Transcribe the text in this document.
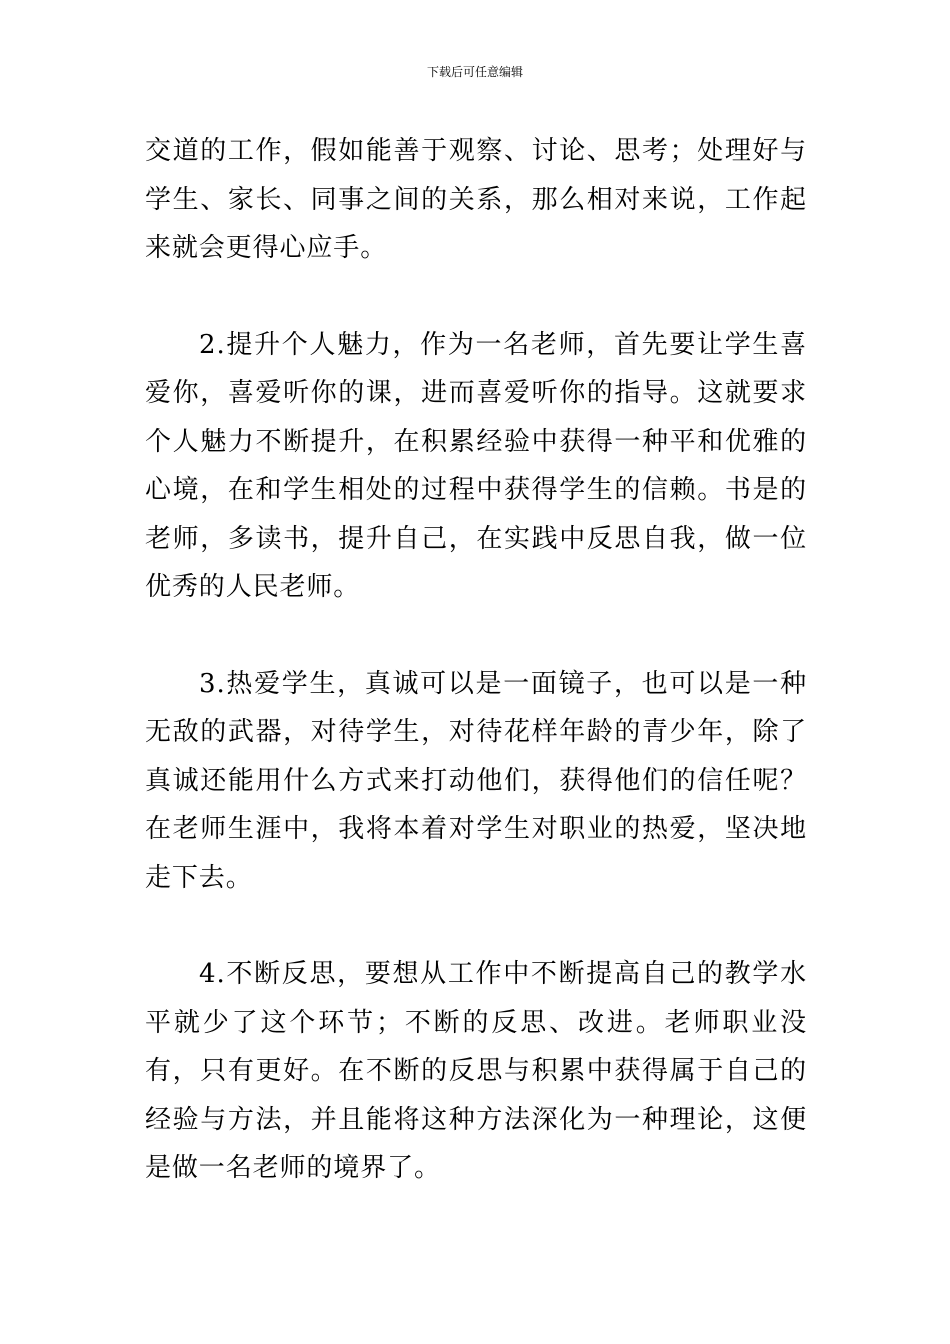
下载后可任意编辑

交道的工作，假如能善于观察、讨论、思考；处理好与学生、家长、同事之间的关系，那么相对来说，工作起来就会更得心应手。

2.提升个人魅力，作为一名老师，首先要让学生喜爱你，喜爱听你的课，进而喜爱听你的指导。这就要求个人魅力不断提升，在积累经验中获得一种平和优雅的心境，在和学生相处的过程中获得学生的信赖。书是的老师，多读书，提升自己，在实践中反思自我，做一位优秀的人民老师。

3.热爱学生，真诚可以是一面镜子，也可以是一种无敌的武器，对待学生，对待花样年龄的青少年，除了真诚还能用什么方式来打动他们，获得他们的信任呢？在老师生涯中，我将本着对学生对职业的热爱，坚决地走下去。

4.不断反思，要想从工作中不断提高自己的教学水平就少了这个环节；不断的反思、改进。老师职业没有，只有更好。在不断的反思与积累中获得属于自己的经验与方法，并且能将这种方法深化为一种理论，这便是做一名老师的境界了。
